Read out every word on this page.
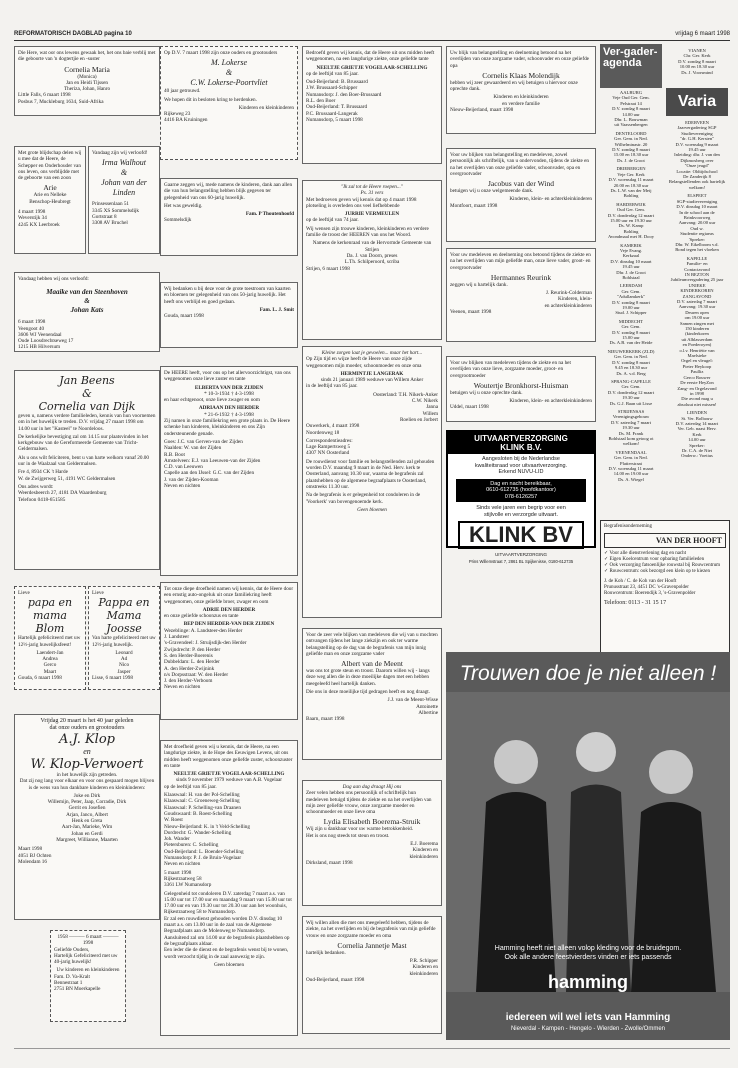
REFORMATORISCH DAGBLAD pagina 10	vrijdag 6 maart 1998

Die Here, wat oor ons lewens gewaak het, het ons baie verblij met die geboorte van 'n dogtertjie en -suster

Cornelia Maria
(Monica)
Jan en Heidi Tijssen
Theriza, Johan, Hanro
Little Falls, 6 maart 1998
Posbus 7, Muckleburg 1634, Suid-Afrika

Met grote blijdschap delen wij u mee dat de Heere, de Schepper en Onderhouder van ons leven, ons verblijdde met de geboorte van een zoon

Arie
Arie en Nelleke
Benschop-Heubregt
4 maart 1998
Weverstijk 34
4245 KX Leerbroek

Vandaag zijn wij verloofd!

Irma Walhout
&
Johan van der Linden
Prinsessenlaan 51
3345 XS Sommelsdijk
Gortstraat 8
3308 AV Bruchel

Vandaag hebben wij ons verloofd:

Maaike van den Steenhoven
&
Johan Kats
6 maart 1998
Veengoot 40
3606 WJ Veenendaal
Oude Loosdrechtseweg 17
1215 HB Hilversum
Jan Beens
&
Cornelia van Dijk

geven u, namens verdere familieleden, kennis van hun voornemen om in het huwelijk te treden. D.V. vrijdag 27 maart 1998 om 14.00 uur in het "Kasteel" te Noordeloos.

De kerkelijke bevestiging zal om 14.15 uur plaatsvinden in het kerkgebouw van de Gereformeerde Gemeente van Tricht-Geldermalsen.

Als u ons wilt feliciteren, bent u van harte welkom vanaf 20.00 uur in de Waalzaal van Geldermalsen.

Fre 4, 8934 CK 't Harde
W. de Zwijgerweg 51, 4191 WC Geldermalsen

Ons adres wordt:
Weerdesbeerch 27, 4181 DA Waardenburg
Telefoon 0418-651585

Lieve
papa en mama Blom

Hartelijk gefeliciteerd met uw 12½-jarig huwelijksfeest!

Laendert-Jan
Andrea
Gerco
Maart
Gouda, 6 maart 1998
Lieve
Pappa en Mama Joosse

Van harte gefeliciteerd met uw 12½-jarig huwelijk.

Leonard
Ad
Nico
Jasper
Lisse, 6 maart 1998
Vrijdag 20 maart is het 40 jaar geleden
dat onze ouders en grootouders
A.J. Klop
en
W. Klop-Verwoert
in het huwelijk zijn getreden.

Dat zij nog lang voor elkaar en voor ons gespaard mogen blijven is de wens van hun dankbare kinderen en kleinkinderen:

Joke en Dirk
Willemijn, Peter, Jaap, Corradie, Dirk
Gerrit en Josefien
Arjan, Janco, Albert
Henk en Greta
Aart-Jan, Marieke, Wim
Johan en Gerdi
Margreet, Willianne, Maarten
Maart 1998
4051 BJ Ochten
Molendam 16
1958 ——— 6 maart ——— 1998

Geliefde Ouders,
Hartelijk Gefeliciteerd met uw 40-jarig huwelijk!

Uw kinderen en kleinkinderen
Fam. D. Va-Kralt
Bennestraat 1
2751 BN Moerkapelle

Op D.V. 7 maart 1998 zijn onze ouders en grootouders

M. Lokerse
&
C.W. Lokerse-Poortvliet

40 jaar getrouwd.

We hopen dit in besloten kring te herdenken.

Kinderen en kleinkinderen
Rijkeweg 23
4416 BA Kruiningen

Gaarne zeggen wij, mede namens de kinderen, dank aan allen die van hun belangstelling hebben blijk gegeven ter gelegenheid van ons 60-jarig huwelijk.

Het was geweldig.

Fam. P Thoutenhoofd
Sommelsdijk

Wij bedanken u bij deze voor de grote toestroom van kaarten en bloemen ter gelegenheid van ons 50-jarig huwelijk. Het heeft ons verblijd en goed gedaan.

Fam. L. J. Smit
Gouda, maart 1998

De HEERE heeft, voor ons op het allervoorzichtigst, van ons weggenomen onze lieve zuster en tante

ELBERTA VAN DER ZIJDEN
* 10-3-1934 † 4-3-1998

en haar echtgenoot, onze lieve zwager en oom

ADRIAAN DEN HERDER
* 21-6-1932 † 4-3-1998

Zij namen in onze familiekring een grote plaats in. De Heere schenke hun kinderen, kleinkinderen en ons Zijn ondersteunende genade.

Goes: J.C. van Gerven-van der Zijden
Naalden: W. van der Zijden
R.B. Boot
Amstelveen: E.J. van Leeuwen-van der Zijden
C.D. van Leeuwen
Capelle aan den IJssel: G.C. van der Zijden
J. van der Zijden-Kooman
Neven en nichten

Tot onze diepe droefheid namen wij kennis, dat de Heere door een ernstig auto-ongeluk uit onze familiekring heeft weggenomen, onze geliefde broer, zwager en oom

ADRIE DEN HERDER

en onze geliefde schoonzus en tante

BEP DEN HERDER-VAN DER ZIJDEN
Wezeblinge: A. Landsteer-den Herder
J. Landsteer
's-Gravendeel: J. Struijsdijk-den Herder
Zwijndrecht: P. den Herder
S. den Herder-Boerenis
Dubbeldam: L. den Herder
A. den Herder-Zwijnink
n/s Dorpsstraat: W. den Herder
J. den Herder-Verboom
Neven en nichten

Met droefheid geven wij u kennis, dat de Heere, na een langdurige ziekte, in de Hope des Eeuwigen Levens, uit ons midden heeft weggenomen onze geliefde zuster, schoonzuster en tante

NEELTJE GRIETJE VOGELAAR-SCHELLING
sinds 9 november 1979 weduwe van A.B. Vogelaar

op de leeftijd van 85 jaar.

Klaaswaal: H. van der Pol-Schelling
Klaaswaal: C. Groeneweg-Schelling
Klaaswaal: P. Schelling-van Draanen
Goudswaard: B. Roest-Schelling
W. Roest
Nieuw-Beijerland: K. in 't Veld-Schelling
Dordrecht: G. Wander-Schelling
Joh. Wander
Pietersburen: C. Schelling
Oud-Beijerland: L. Boender-Schelling
Numansdorp: P. J. de Bruin-Vogelaar
Neven en nichten
5 maart 1998
Rijkestraatweg 58
3361 LW Numansdorp

Gelegenheid tot condoleren D.V. zaterdag 7 maart a.s. van 15.00 uur tot 17.00 uur en maandag 9 maart van 15.00 uur tot 17.00 uur en van 19.30 uur tot 20.30 uur aan het woonhuis, Rijkestraatweg 58 te Numansdorp.
Er zal een rouwdienst gehouden worden D.V. dinsdag 10 maart a.s. om 13.00 uur in de zaal van de Algemene Begraafplaats aan de Molenweg te Numansdorp.
Aansluitend zal om 14.00 uur de begrafenis plaatshebben op de begraafplaats aldaar.
Een ieder die de dienst en de begrafenis wenst bij te wonen, wordt verzocht tijdig in de zaal aanwezig te zijn.

Geen bloemen

Bedroefd geven wij kennis, dat de Heere uit ons midden heeft weggenomen, na een langdurige ziekte, onze geliefde tante

NEELTJE GRIETJE VOGELAAR-SCHELLING

op de leeftijd van 85 jaar.

Oud-Beijerland: B. Brussaard
J.W. Brussaard-Schipper
Numansdorp: J. den Boer-Brussaard
R.L. den Boer
Oud-Beijerland: T. Brussaard
P.C. Brussaard-Langerak
Numansdorp, 5 maart 1998
"Ik zal tot de Heere roepen..."
Ps. 31 vers

Met bedroeven geven wij kennis dat op 4 maart 1998 plotseling is overleden ons veel liefhebbende

JURRIE VERMEULEN

op de leeftijd van 74 jaar.

Wij wensen zijn trouwe kinderen, kleinkinderen en verdere familie de troost der HEEREN van ons het Woord.

Namens de kerkenraad van de Hervormde Gemeente van Strijen
Da. J. van Doorn, preses
L.Th. Schilperoord, scriba
Strijen, 6 maart 1998
Kleine zorgen laat je gevoelen... maar het hart...

Op Zijn tijd en wijze heeft de Heere van onze zijde weggenomen mijn moeder, schoonmoeder en onze oma

HERMINTJE LANGERAK
sinds 21 januari 1989 weduwe van Willem Anker

in de leeftijd van 85 jaar.

Oosterland: T.H. Nikerk-Anker
C.W. Nikerk
Janna
Willem
Roelien en Jorbert

Ouwerkerk, 4 maart 1998
Noordenweg 18

Correspondentieadres:
Lage Rampertsweg 5
4307 NN Oosterland

De rouwdienst voor familie en belangstellenden zal gehouden worden D.V. maandag 9 maart in de Ned. Herv. kerk te Oosterland, aanvang 10.30 uur, waarna de begrafenis zal plaatshebben op de algemene begraafplaats te Oosterland, omstreeks 11.30 uur.

Na de begrafenis is er gelegenheid tot condoleren in de 'Voorkerk' van bovengenoemde kerk.

Geen bloemen

Voor de zeer vele blijken van medeleven die wij van u mochten ontvangen tijdens het lange ziekzijn en ook ter warme belangstelling op de dag van de begrafenis van mijn innig geliefde man en onze zorgzame vader

Albert van de Meent

was ons tot grote steun en troost. Daarom willen wij - langs deze weg allen die in deze moeilijke dagen met een hebben meegeleefd heel hartelijk danken.

Die ons in deze moeilijke tijd gedragen heeft en nog draagt.

J.J. van de Meent-Wisse
Antoinette
Albertine
Baarn, maart 1998
Dag aan dag draagt Hij ons

Zeer velen hebben ons persoonlijk of schriftelijk hun medeleven betuigd tijdens de ziekte en na het overlijden van mijn zeer geliefde vrouw, onze zorgzame moeder en schoonmoeder en onze lieve oma

Lydia Elisabeth Boerema-Struik

Wij zijn u dankbaar voor uw warme betrokkenheid.
Het is ons nog steeds tot steun en troost.

E.J. Boerema
Kinderen en
kleinkinderen
Dirksland, maart 1998

Wij willen allen die met ons meegeleefd hebben, tijdens de ziekte, na het overlijden en bij de begrafenis van mijn geliefde vrouw en onze zorgzame moeder en oma

Cornelia Jannetje Mast

hartelijk bedanken.

P.R. Schipper
Kinderen en
kleinkinderen
Oud-Beijerland, maart 1998

Uw blijk van belangstelling en deelneming betoond na het overlijden van onze zorgzame vader, schoonvader en onze geliefde opa

Cornelis Klaas Molendijk

hebben wij zeer gewaardeerd en wij betuigen u hiervoor onze oprechte dank.

Kinderen en kleinkinderen
en verdere familie
Nieuw-Beijerland, maart 1998

Voor uw blijken van belangstelling en medeleven, zowel persoonlijk als schriftelijk, van u ondervonden, tijdens de ziekte en na het overlijden van onze geliefde vader, schoonvader, opa en overgrootvader

Jacobus van der Wind

betuigen wij u onze welgemeende dank.

Kinderen, klein- en achterkleinkinderen
Montfoort, maart 1998

Voor uw medeleven en deelneming ons betoond tijdens de ziekte en na het overlijden van mijn geliefde man, onze lieve vader, groot- en overgrootvader

Hermannes Reurink

zeggen wij u hartelijk dank.

J. Reurink-Colderman
Kinderen, klein-
en achterkleinkinderen
Veenen, maart 1998

Voor uw blijken van medeleven tijdens de ziekte en na het overlijden van onze lieve, zorgzame moeder, groot- en overgrootmoeder

Woutertje Bronkhorst-Huisman

betuigen wij u onze oprechte dank.

Kinderen, klein- en achterkleinkinderen
Uddel, maart 1998
UITVAARTVERZORGING
KLINK B.V.
Aangesloten bij de Nederlandse
kwaliteitsraad voor uitvaartverzorging.
Erkend NUVU-LID
Dag en nacht bereikbaar,
0610-612735 (hoofdkantoor)
078-6126257
Sinds vele jaren een begrip voor een
stijlvolle en verzorgde uitvaart.
KLINK BV
UITVAARTVERZORGING
Prins Willemstraat 7, 2861 BL Spijkenisse, 0180-612735
Ver-gader-agenda
AALBURG
Veje Oud Ger. Gem.
Pelstraat 14
D.V. zondag 8 maart
14.00 uur
Dhr. L. Bouwman
uit Vaassenbergen
DENTELOORD
Ger. Gem. in Ned.
Wilhelminastr. 20
D.V. zondag 8 maart
15.00 en 18.30 uur
Ds. J. de Groot
DRIEBERGEN
Veje Ger. Kerk
D.V. woensdag 11 maart
20.00 en 18.30 uur
Ds. L.W. van der Meij
Bohling
HARDERWIJK
Oud Ger. Gem.
D.V. donderdag 12 maart
15.00 uur en 19.30 uur
Ds. W. Kamp
Bohling
Avondmaal met H. Dooy
KAMERIK
Veje Evang.
Kerkzaal
D.V. dinsdag 10 maart
19.45 uur
Dhr. J. de Groot
Bohlstaal
LEERDAM
Ger. Gem.
"Adullamkerk"
D.V. zondag 8 maart
19.00 uur
Stud. J. Schipper
MIDDECHT
Ger. Gem.
D.V. zondag 8 maart
15.00 uur
Ds. A.B. van der Heide
NIEUWERKERK (ZLD)
Ger. Gem. in Ned.
D.V. zondag 8 maart
9.45 en 18.30 uur
Ds. A. v.d. Berg
SPRANG-CAPELLE
Ger. Gem.
D.V. donderdag 12 maart
19.30 uur
Ds. G.J. Baan uit Lisse
STRIJENSAS
Verenigingsgebouw
D.V. zaterdag 7 maart
19.30 uur
Ds. M. Frank
Bohlstaal kom getoog ot
welkom!
VEENENDAAL
Ger. Gem. in Ned.
Platierstraat
D.V. woensdag 11 maart
14.00 en 19.00 uur
Ds. A. Wiegel
VIANEN
Chr. Ger. Kerk
D.V. zondag 8 maart
10.00 en 18.30 uur
Ds. J. Voorsmind
Varia
EDERVEEN
Jaarvergadering SGP Studievereniging
"dr. G.H. Kersten"
D.V. woensdag 9 maart
19.45 uur
Inleiding: dhr. J. van den Dijkmosberg over
"Onze jeugd"
Locatie: Oldtijdschool
De Zanderijk 8
Belangstellenden ook hartelijk welkom!
ELSPEET
SGP-studievereniging
D.V. dinsdag 10 maart
In de school aan de
Brinkvoorweg
Aanvang: 20.00 uur
Oud w.
Studentie regiaeas
'Spreker:
Dhr. W. Eikelboom v.d.
Bond tegen het vloeken
KAPELLE
Familie- en
Contactavond
IN BEZTON
Jubileumvergadering 25 jaar
UNIEKE
KINDERKOREN
ZANGAVOND
D.V. zaterdag 7 maart
Aanvang: 19.30 uur
Deuren open
om 19.00 uur
Samen zingen met
150 kinderen
(kinderkoren
uit Alblasserdam
en Poederoyen)
o.l.v. Henriëtte van
Maelsieke
Orgel en vleugel:
Pieter Heykoop
Paulliz
Gerco Bouwer
De eerste HeyZon
Zang- en Orgelavond
in 1998
Die avond mag u
absoluut niet missen!
LIENDEN
St. Ver. Bolbouw
D.V. zaterdag 14 maart
Ver. Geb. naast Herv.
Kerk
14.00 uur
Spreker:
Dr. C.A. de Niet
Onderw.: Voetius
Begrafenisonderneming
VAN DER HOOFT
✓ Voor alle dienstverlening dag en nacht
✓ Eigen Koelcentrum voor opbaring familieleden
✓ Ook verzorging fatsoenlijke rouwstal bij Rouwcentrum
✓ Rouwcentrum: ook bezorgd een klein op te kiezen
J. de Koh / C. de Koh van der Hooft
Prunusstraat 23, 4451 DC 's-Gravenpolder
Rouwcentrum: Boerendijk 3, 's-Gravenpolder
Telefoon: 0113 - 31 15 17
Trouwen doe je niet alleen !
hamming
Hamming heeft niet alleen volop kleding voor de bruidegom.
Ook alle andere feestvierders vinden er iets passends
iedereen wil wel iets van Hamming
Nieverdal - Kampen - Hengelo - Wierden - Zwolle/Ommen
